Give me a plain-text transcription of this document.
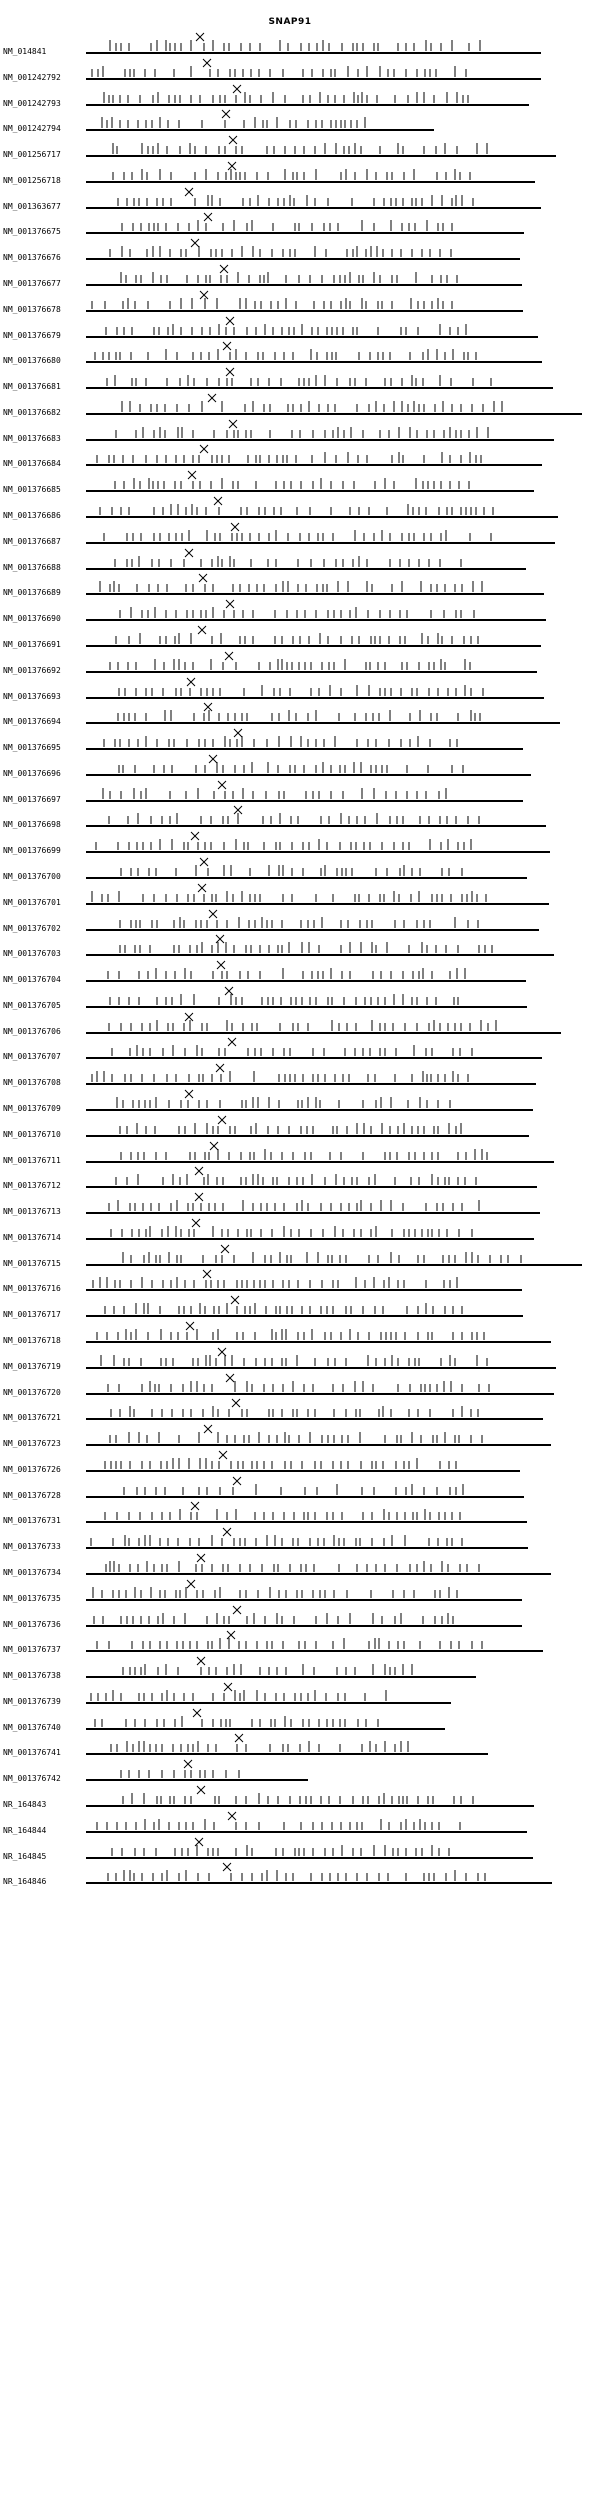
SNAP91
NM_014841
NM_001242792
NM_001242793
NM_001242794
NM_001256717
NM_001256718
NM_001363677
NM_001376675
NM_001376676
NM_001376677
NM_001376678
NM_001376679
NM_001376680
NM_001376681
NM_001376682
NM_001376683
NM_001376684
NM_001376685
NM_001376686
NM_001376687
NM_001376688
NM_001376689
NM_001376690
NM_001376691
NM_001376692
NM_001376693
NM_001376694
NM_001376695
NM_001376696
NM_001376697
NM_001376698
NM_001376699
NM_001376700
NM_001376701
NM_001376702
NM_001376703
NM_001376704
NM_001376705
NM_001376706
NM_001376707
NM_001376708
NM_001376709
NM_001376710
NM_001376711
NM_001376712
NM_001376713
NM_001376714
NM_001376715
NM_001376716
NM_001376717
NM_001376718
NM_001376719
NM_001376720
NM_001376721
NM_001376723
NM_001376726
NM_001376728
NM_001376731
NM_001376733
NM_001376734
NM_001376735
NM_001376736
NM_001376737
NM_001376738
NM_001376739
NM_001376740
NM_001376741
NM_001376742
NR_164843
NR_164844
NR_164845
NR_164846
